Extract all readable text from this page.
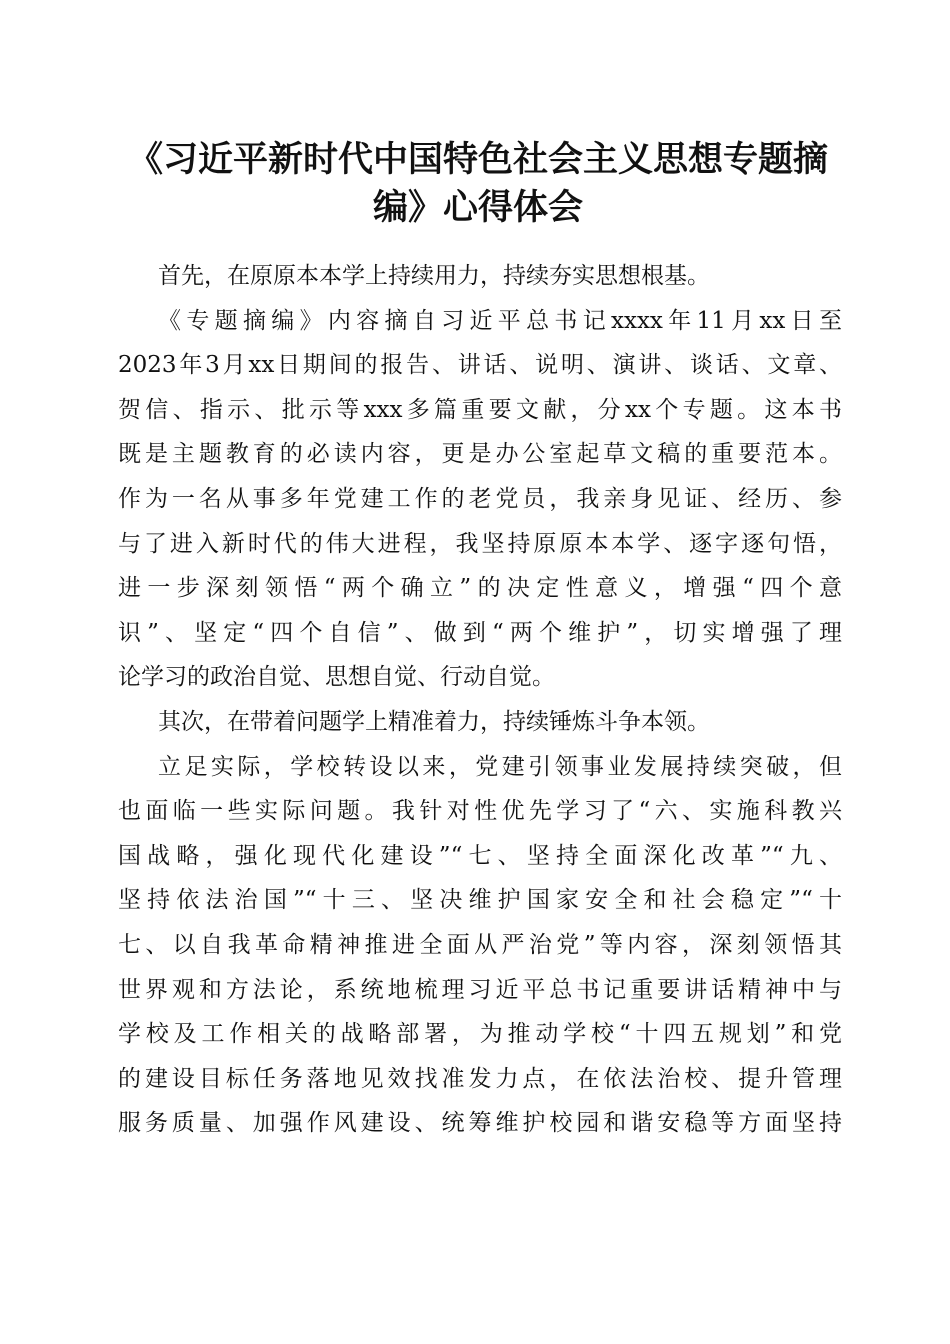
《习近平新时代中国特色社会主义思想专题摘
编》心得体会
首先，在原原本本学上持续用力，持续夯实思想根基。
《专题摘编》内容摘自习近平总书记xxxx年11月xx日至
2023年3月xx日期间的报告、讲话、说明、演讲、谈话、文章、
贺信、指示、批示等xxx多篇重要文献，分xx个专题。这本书
既是主题教育的必读内容，更是办公室起草文稿的重要范本。
作为一名从事多年党建工作的老党员，我亲身见证、经历、参
与了进入新时代的伟大进程，我坚持原原本本学、逐字逐句悟，
进一步深刻领悟“两个确立”的决定性意义，增强“四个意
识”、坚定“四个自信”、做到“两个维护”，切实增强了理
论学习的政治自觉、思想自觉、行动自觉。
其次，在带着问题学上精准着力，持续锤炼斗争本领。
立足实际，学校转设以来，党建引领事业发展持续突破，但
也面临一些实际问题。我针对性优先学习了“六、实施科教兴
国战略，强化现代化建设”“七、坚持全面深化改革”“九、
坚持依法治国”“十三、坚决维护国家安全和社会稳定”“十
七、以自我革命精神推进全面从严治党”等内容，深刻领悟其
世界观和方法论，系统地梳理习近平总书记重要讲话精神中与
学校及工作相关的战略部署，为推动学校“十四五规划”和党
的建设目标任务落地见效找准发力点，在依法治校、提升管理
服务质量、加强作风建设、统筹维护校园和谐安稳等方面坚持
